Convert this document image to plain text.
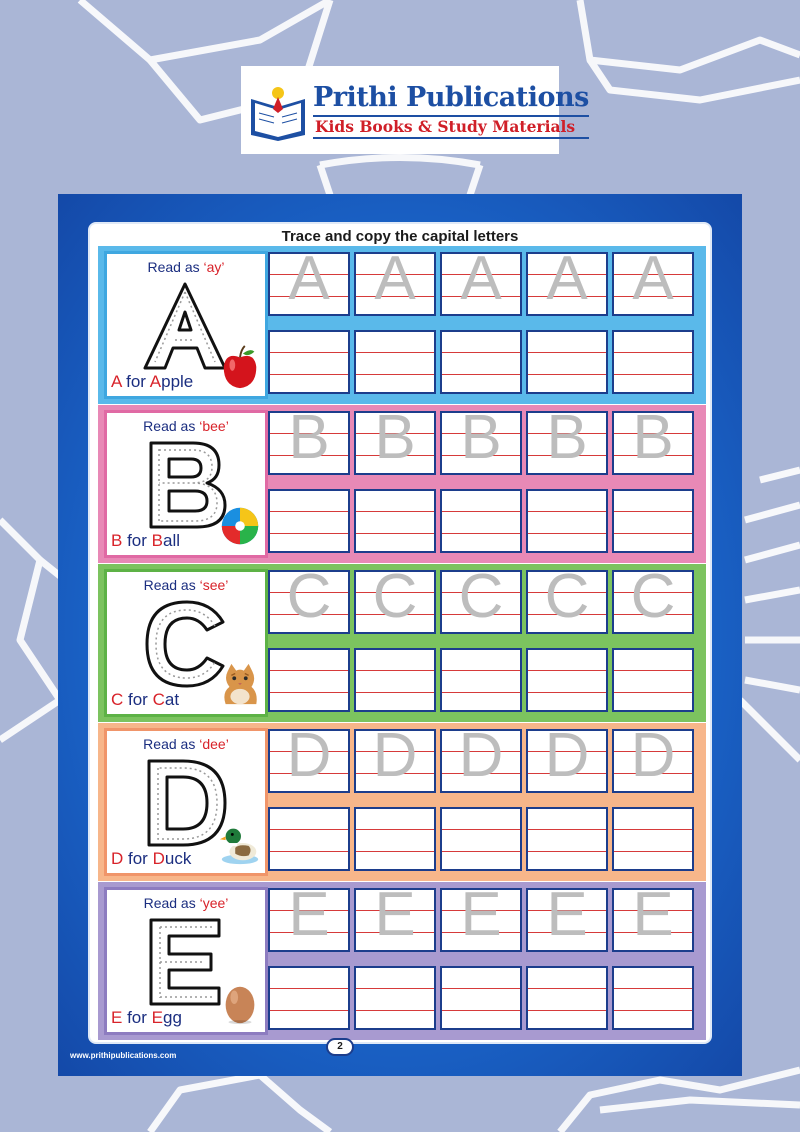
Prithi Publications
Kids Books & Study Materials
Trace and copy the capital letters
Read as ‘ay’
A for Apple
A A A A A
Read as ‘bee’
B for Ball
B B B B B
Read as ‘see’
C for Cat
C C C C C
Read as ‘dee’
D for Duck
D D D D D
Read as ‘yee’
E for Egg
E E E E E
www.prithipublications.com
2
